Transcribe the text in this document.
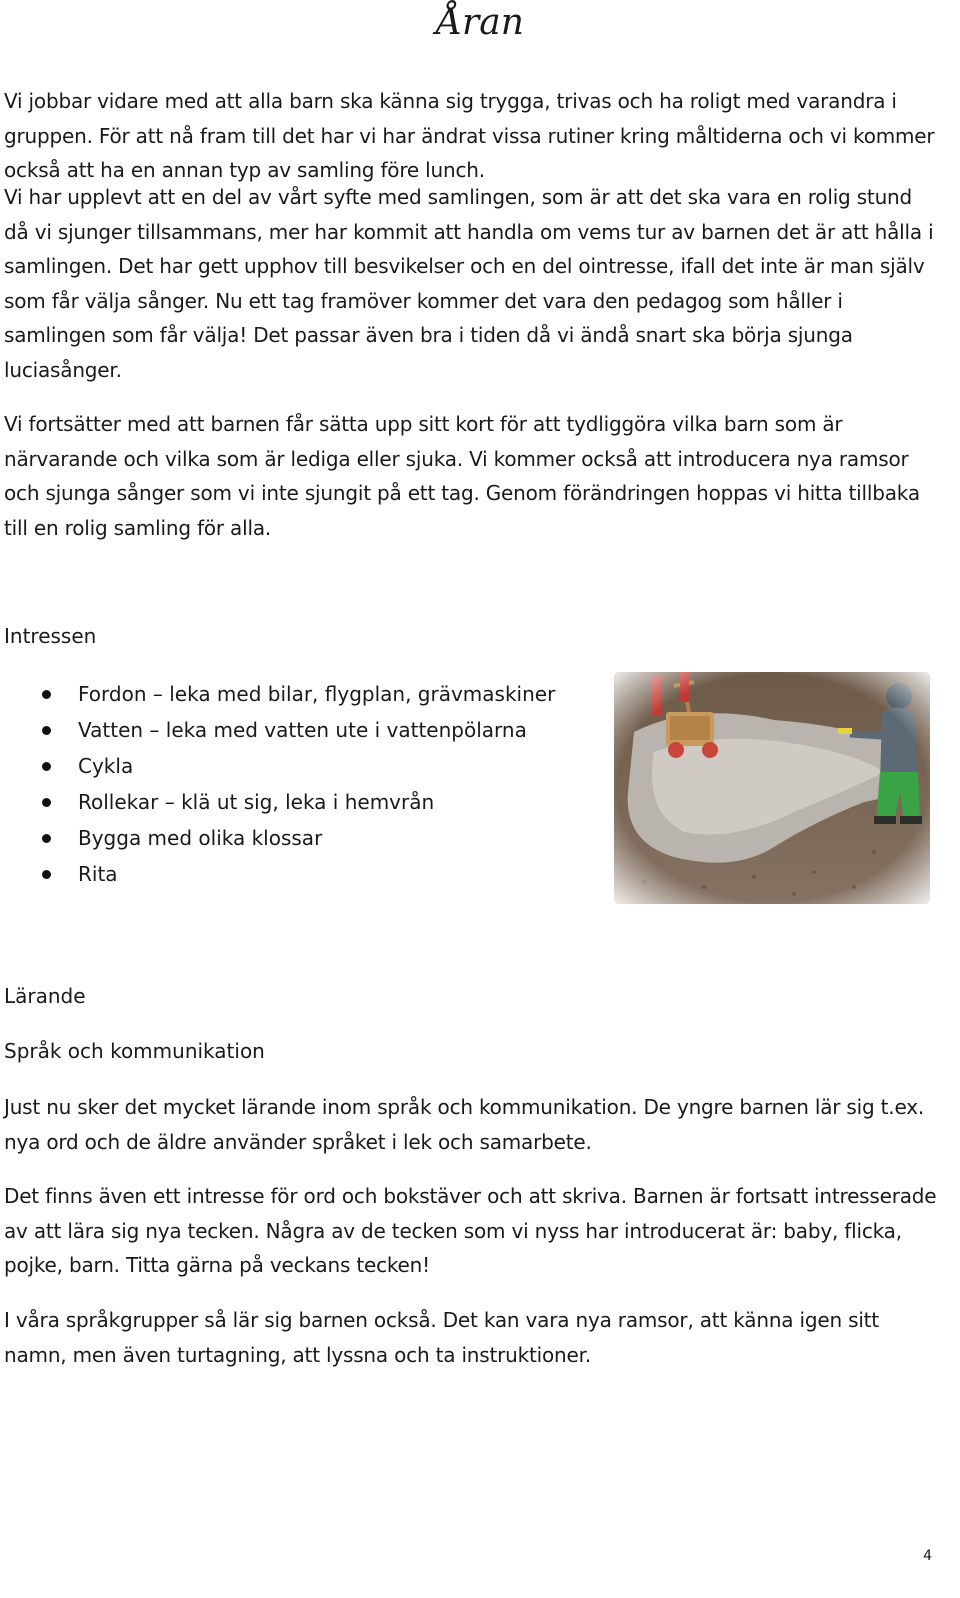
Åran

Vi jobbar vidare med att alla barn ska känna sig trygga, trivas och ha roligt med varandra i gruppen. För att nå fram till det har vi har ändrat vissa rutiner kring måltiderna och vi kommer också att ha en annan typ av samling före lunch.

Vi har upplevt att en del av vårt syfte med samlingen, som är att det ska vara en rolig stund då vi sjunger tillsammans, mer har kommit att handla om vems tur av barnen det är att hålla i samlingen. Det har gett upphov till besvikelser och en del ointresse, ifall det inte är man själv som får välja sånger. Nu ett tag framöver kommer det vara den pedagog som håller i samlingen som får välja! Det passar även bra i tiden då vi ändå snart ska börja sjunga luciasånger.

Vi fortsätter med att barnen får sätta upp sitt kort för att tydliggöra vilka barn som är närvarande och vilka som är lediga eller sjuka. Vi kommer också att introducera nya ramsor och sjunga sånger som vi inte sjungit på ett tag. Genom förändringen hoppas vi hitta tillbaka till en rolig samling för alla.

Intressen

Fordon – leka med bilar, flygplan, grävmaskiner
Vatten – leka med vatten ute i vattenpölarna
Cykla
Rollekar – klä ut sig, leka i hemvrån
Bygga med olika klossar
Rita

Lärande

Språk och kommunikation

Just nu sker det mycket lärande inom språk och kommunikation. De yngre barnen lär sig t.ex. nya ord och de äldre använder språket i lek och samarbete.

Det finns även ett intresse för ord och bokstäver och att skriva. Barnen är fortsatt intresserade av att lära sig nya tecken. Några av de tecken som vi nyss har introducerat är: baby, flicka, pojke, barn. Titta gärna på veckans tecken!

I våra språkgrupper så lär sig barnen också. Det kan vara nya ramsor, att känna igen sitt namn, men även turtagning, att lyssna och ta instruktioner.

4
